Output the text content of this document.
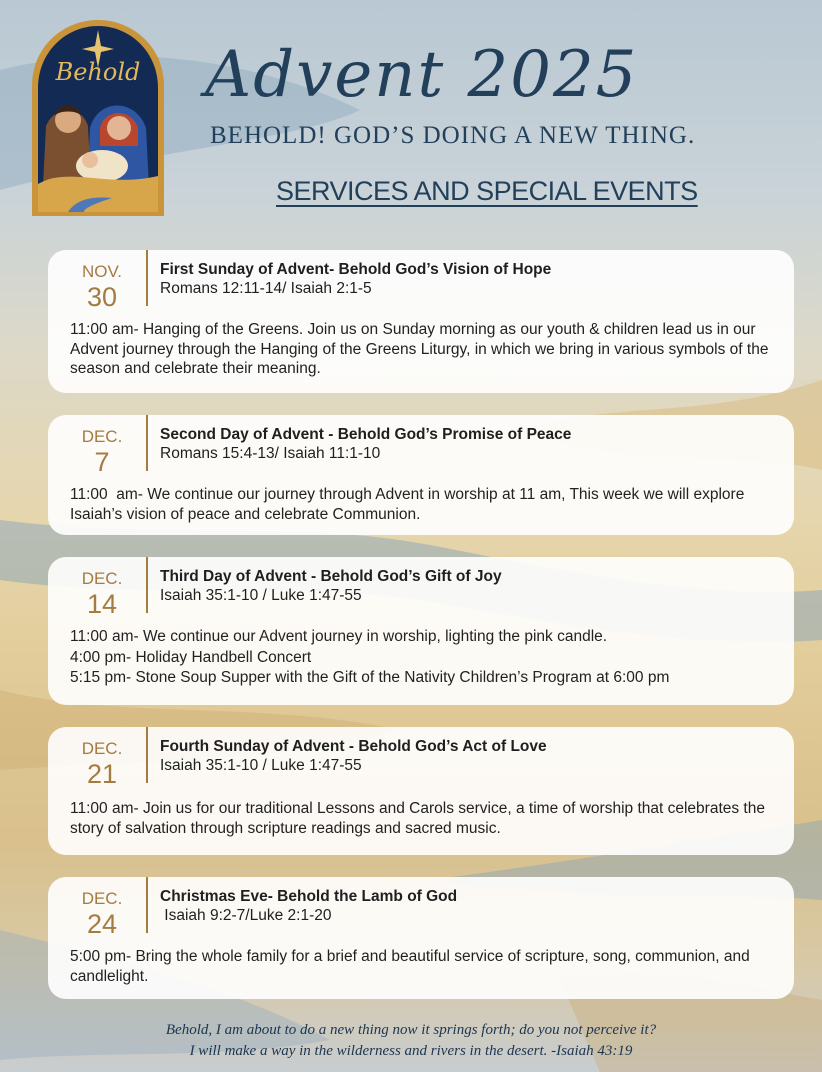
Behold Advent 2025
BEHOLD! GOD’S DOING A NEW THING.
SERVICES AND SPECIAL EVENTS
NOV.
30
First Sunday of Advent- Behold God’s Vision of Hope
Romans 12:11-14/ Isaiah 2:1-5

11:00 am- Hanging of the Greens. Join us on Sunday morning as our youth & children lead us in our Advent journey through the Hanging of the Greens Liturgy, in which we bring in various symbols of the season and celebrate their meaning.

DEC.
7
Second Day of Advent - Behold God’s Promise of Peace
Romans 15:4-13/ Isaiah 11:1-10

11:00  am- We continue our journey through Advent in worship at 11 am, This week we will explore Isaiah’s vision of peace and celebrate Communion.

DEC.
14
Third Day of Advent - Behold God’s Gift of Joy
Isaiah 35:1-10 / Luke 1:47-55

11:00 am- We continue our Advent journey in worship, lighting the pink candle.

4:00 pm- Holiday Handbell Concert

5:15 pm- Stone Soup Supper with the Gift of the Nativity Children’s Program at 6:00 pm

DEC.
21
Fourth Sunday of Advent - Behold God’s Act of Love
Isaiah 35:1-10 / Luke 1:47-55

11:00 am- Join us for our traditional Lessons and Carols service, a time of worship that celebrates the story of salvation through scripture readings and sacred music.

DEC.
24
Christmas Eve- Behold the Lamb of God
Isaiah 9:2-7/Luke 2:1-20

5:00 pm- Bring the whole family for a brief and beautiful service of scripture, song, communion, and candlelight.

Behold, I am about to do a new thing now it springs forth; do you not perceive it?
I will make a way in the wilderness and rivers in the desert. -Isaiah 43:19
